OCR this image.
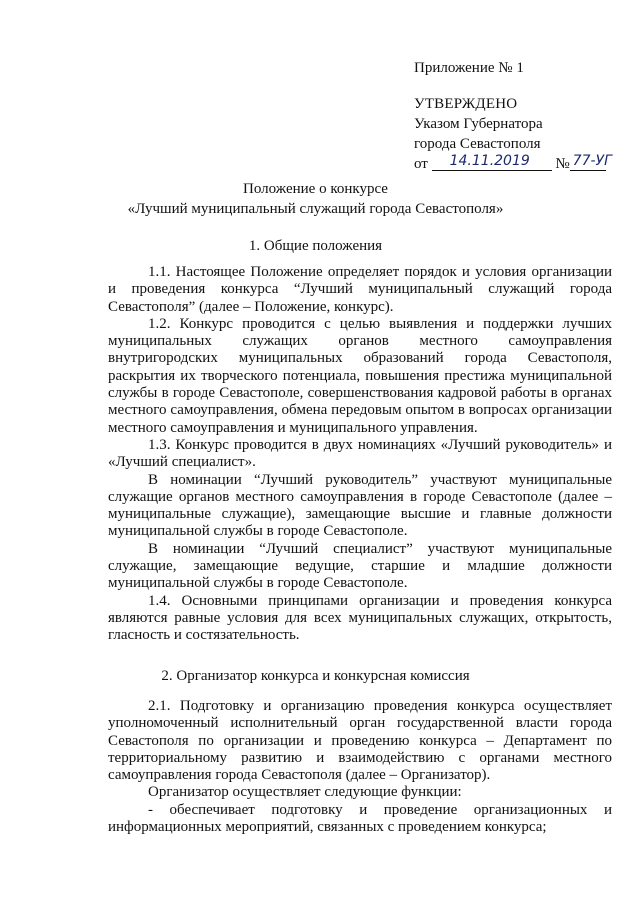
Приложение № 1
УТВЕРЖДЕНО
Указом Губернатора
города Севастополя
от 14.11.2019 № 77-УГ
Положение о конкурсе
«Лучший муниципальный служащий города Севастополя»
1. Общие положения

1.1. Настоящее Положение определяет порядок и условия организации и проведения конкурса “Лучший муниципальный служащий города Севастополя” (далее – Положение, конкурс).

1.2. Конкурс проводится с целью выявления и поддержки лучших муниципальных служащих органов местного самоуправления внутригородских муниципальных образований города Севастополя, раскрытия их творческого потенциала, повышения престижа муниципальной службы в городе Севастополе, совершенствования кадровой работы в органах местного самоуправления, обмена передовым опытом в вопросах организации местного самоуправления и муниципального управления.

1.3. Конкурс проводится в двух номинациях «Лучший руководитель» и «Лучший специалист».

В номинации “Лучший руководитель” участвуют муниципальные служащие органов местного самоуправления в городе Севастополе (далее – муниципальные служащие), замещающие высшие и главные должности муниципальной службы в городе Севастополе.

В номинации “Лучший специалист” участвуют муниципальные служащие, замещающие ведущие, старшие и младшие должности муниципальной службы в городе Севастополе.

1.4. Основными принципами организации и проведения конкурса являются равные условия для всех муниципальных служащих, открытость, гласность и состязательность.

2. Организатор конкурса и конкурсная комиссия

2.1. Подготовку и организацию проведения конкурса осуществляет уполномоченный исполнительный орган государственной власти города Севастополя по организации и проведению конкурса – Департамент по территориальному развитию и взаимодействию с органами местного самоуправления города Севастополя (далее – Организатор).

Организатор осуществляет следующие функции:

- обеспечивает подготовку и проведение организационных и информационных мероприятий, связанных с проведением конкурса;
